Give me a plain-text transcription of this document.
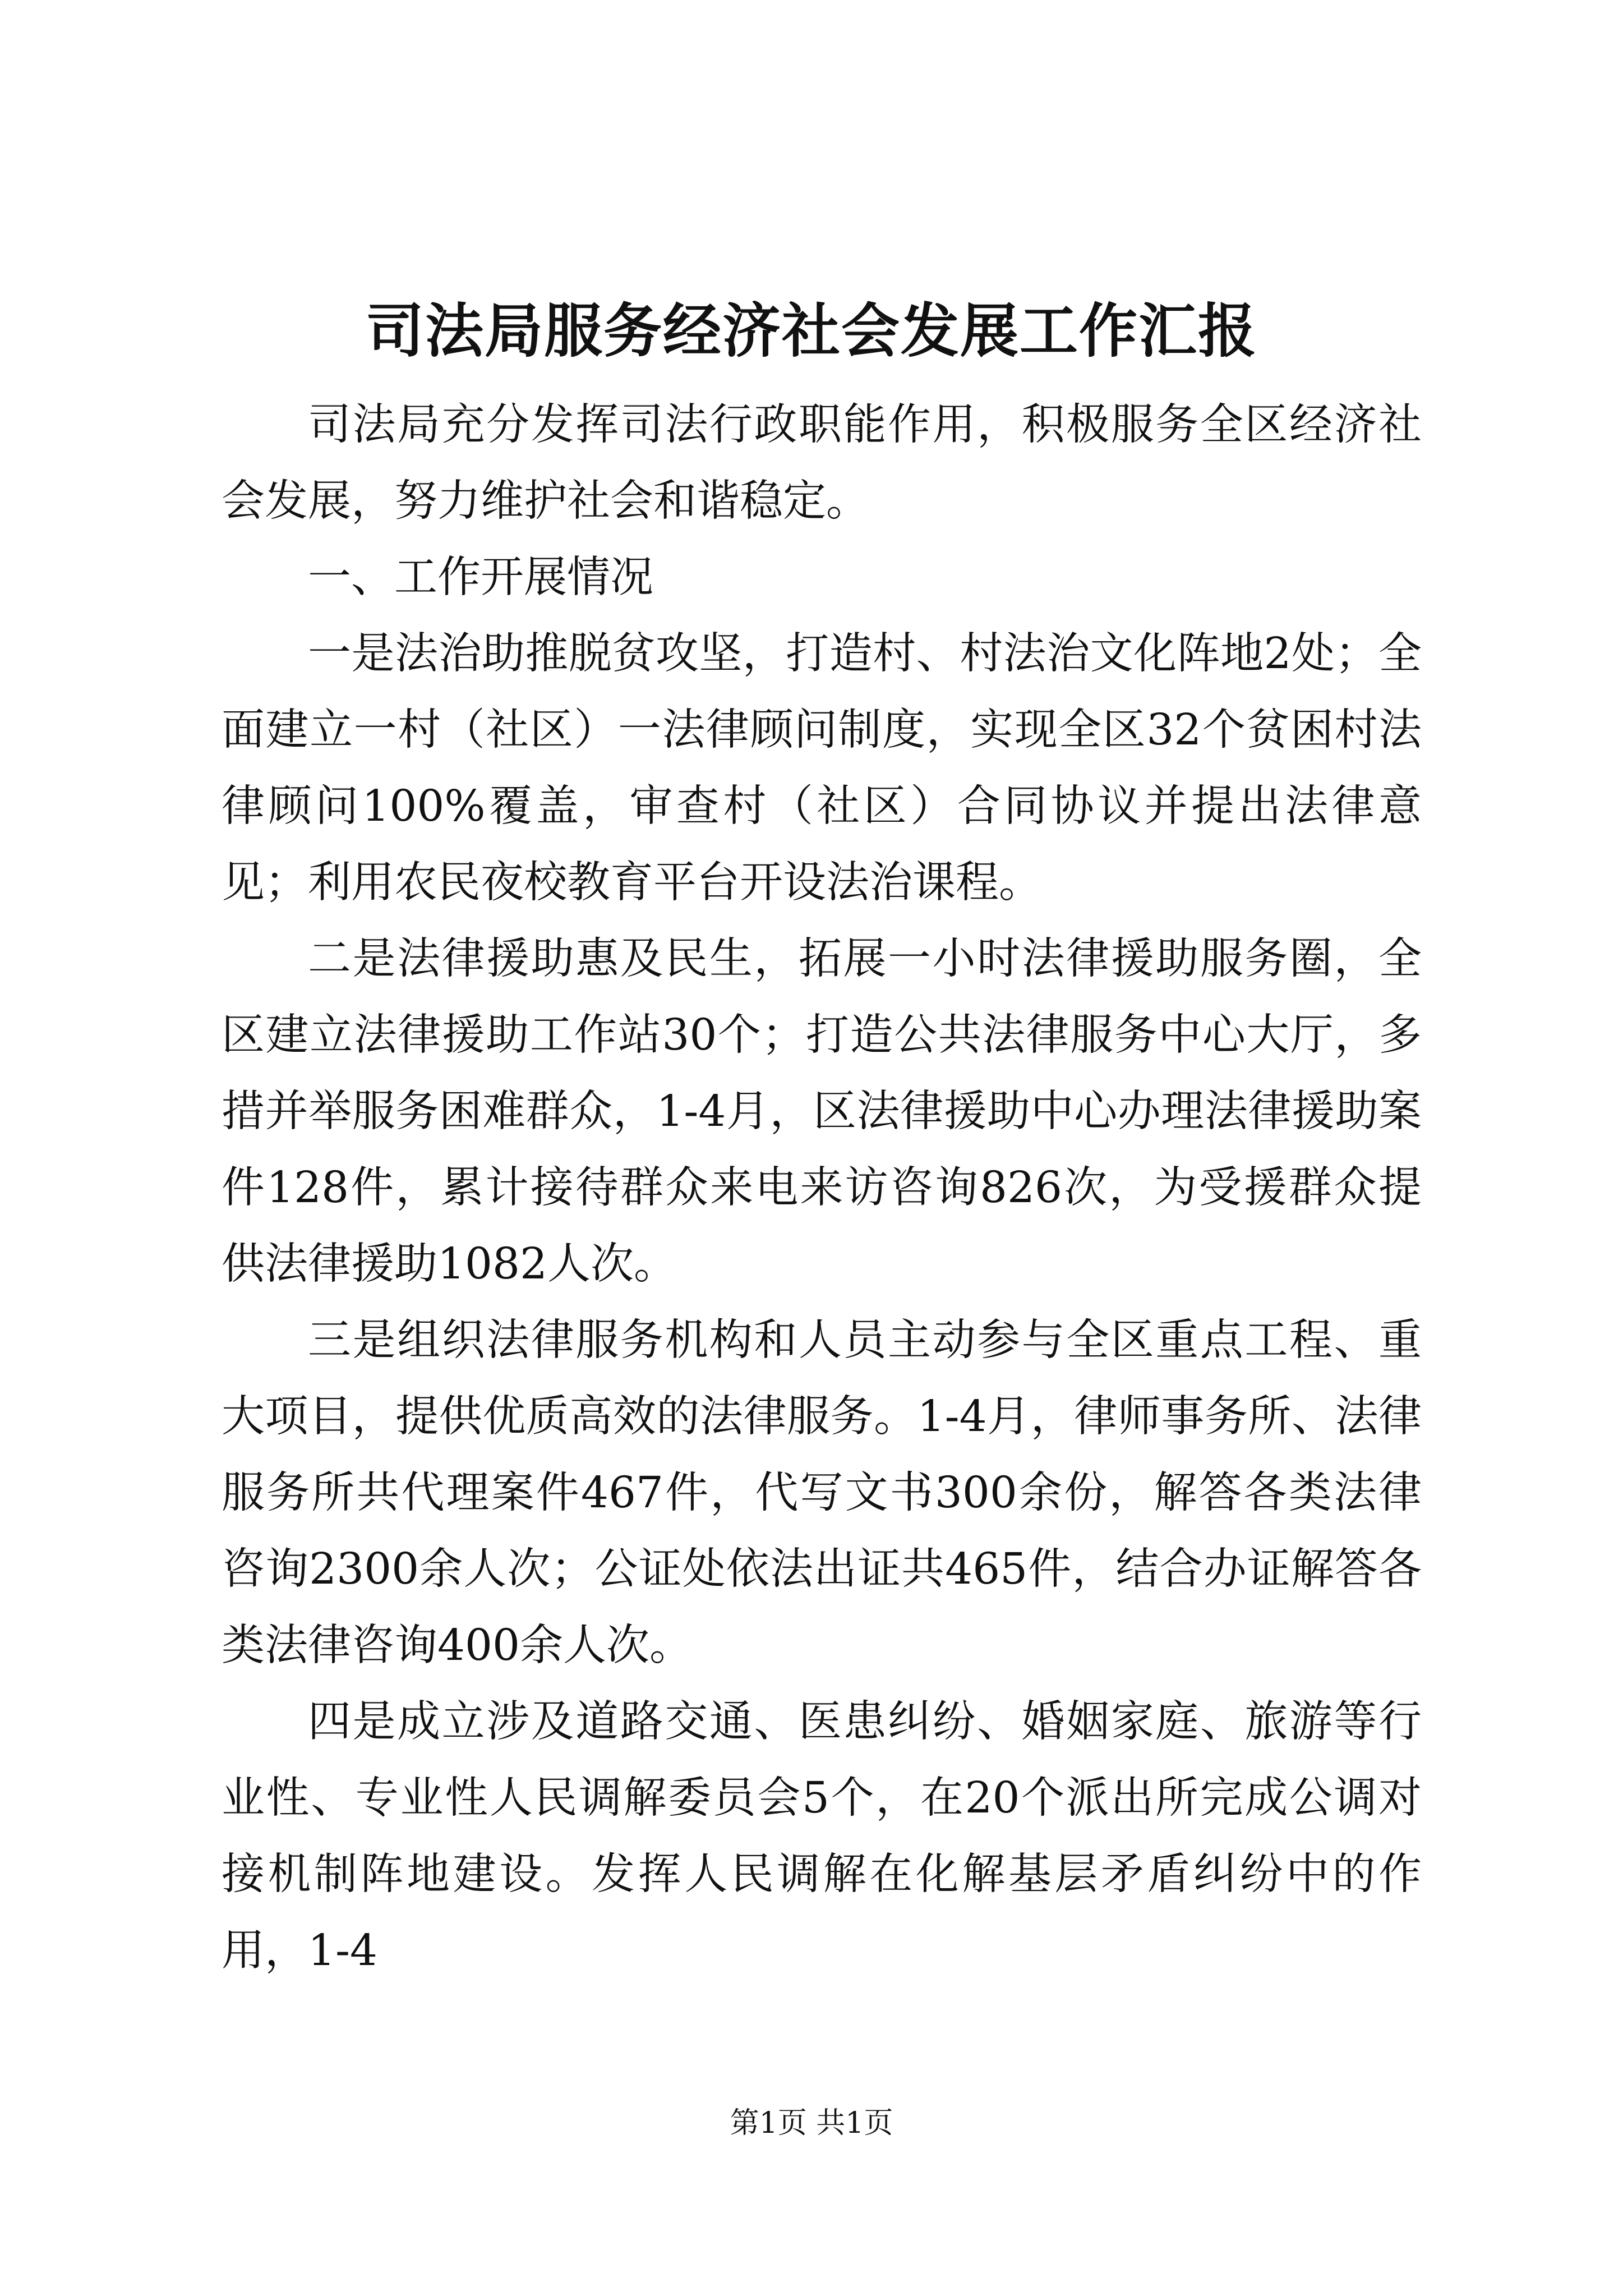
司法局服务经济社会发展工作汇报

司法局充分发挥司法行政职能作用，积极服务全区经济社会发展，努力维护社会和谐稳定。

一、工作开展情况

一是法治助推脱贫攻坚，打造村、村法治文化阵地2处；全面建立一村（社区）一法律顾问制度，实现全区32个贫困村法律顾问100%覆盖，审查村（社区）合同协议并提出法律意见；利用农民夜校教育平台开设法治课程。

二是法律援助惠及民生，拓展一小时法律援助服务圈，全区建立法律援助工作站30个；打造公共法律服务中心大厅，多措并举服务困难群众，1-4月，区法律援助中心办理法律援助案件128件，累计接待群众来电来访咨询826次，为受援群众提供法律援助1082人次。

三是组织法律服务机构和人员主动参与全区重点工程、重大项目，提供优质高效的法律服务。1-4月，律师事务所、法律服务所共代理案件467件，代写文书300余份，解答各类法律咨询2300余人次；公证处依法出证共465件，结合办证解答各类法律咨询400余人次。

四是成立涉及道路交通、医患纠纷、婚姻家庭、旅游等行业性、专业性人民调解委员会5个，在20个派出所完成公调对接机制阵地建设。发挥人民调解在化解基层矛盾纠纷中的作用，1-4

第1页 共1页
